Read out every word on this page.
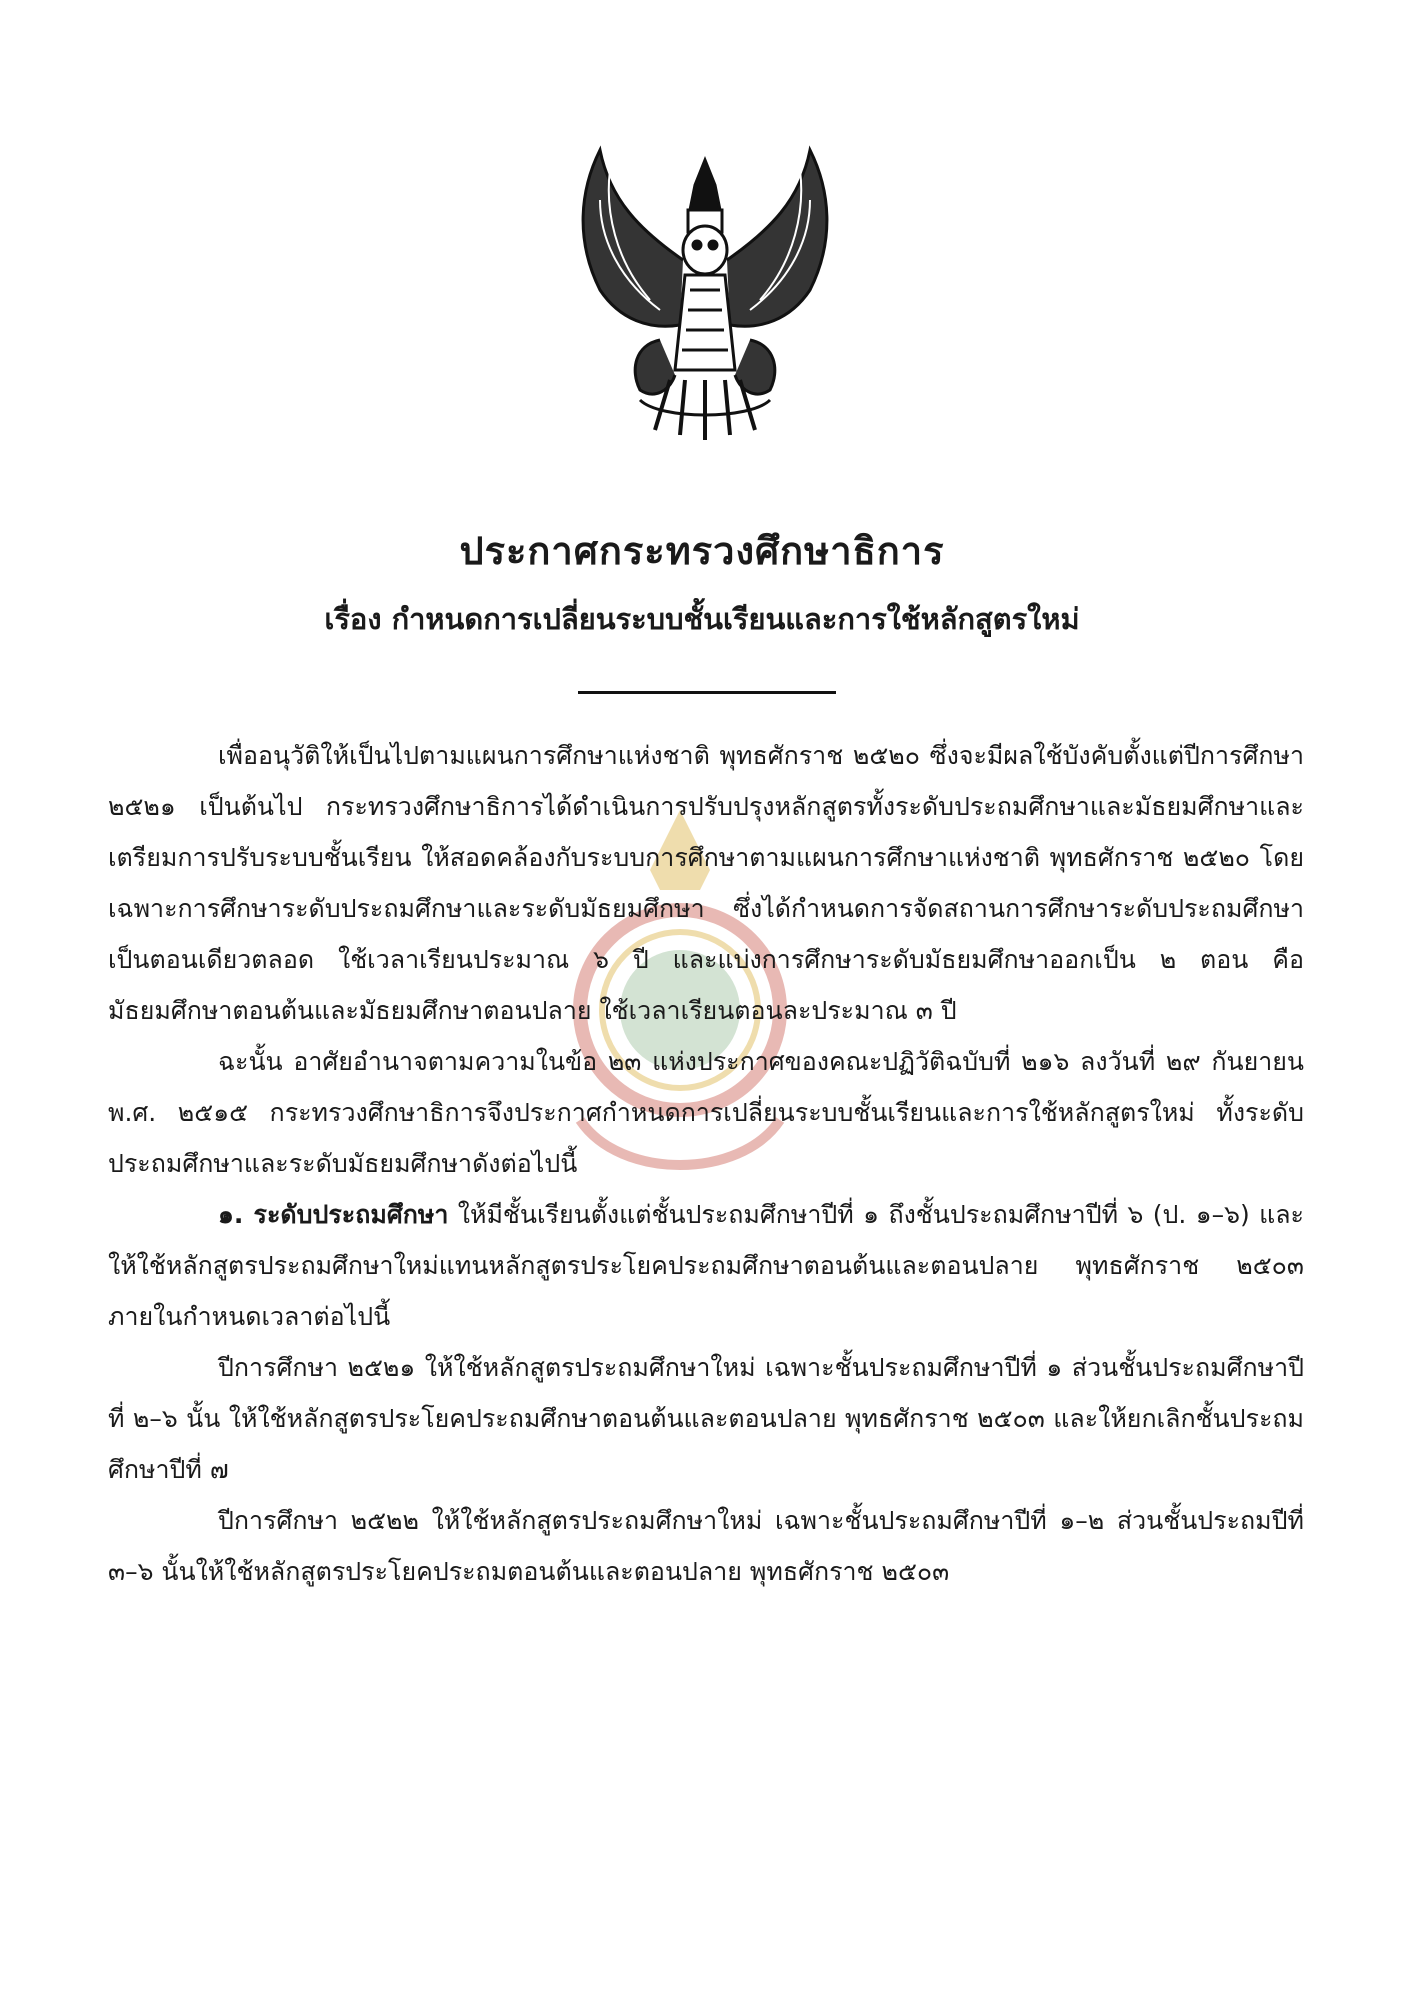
ประกาศกระทรวงศึกษาธิการ
เรื่อง กำหนดการเปลี่ยนระบบชั้นเรียนและการใช้หลักสูตรใหม่

เพื่ออนุวัติให้เป็นไปตามแผนการศึกษาแห่งชาติ พุทธศักราช ๒๕๒๐ ซึ่งจะมีผลใช้บังคับตั้งแต่ปีการศึกษา ๒๕๒๑ เป็นต้นไป กระทรวงศึกษาธิการได้ดำเนินการปรับปรุงหลักสูตรทั้งระดับประถมศึกษาและมัธยมศึกษาและเตรียมการปรับระบบชั้นเรียน ให้สอดคล้องกับระบบการศึกษาตามแผนการศึกษาแห่งชาติ พุทธศักราช ๒๕๒๐ โดยเฉพาะการศึกษาระดับประถมศึกษาและระดับมัธยมศึกษา ซึ่งได้กำหนดการจัดสถานการศึกษาระดับประถมศึกษาเป็นตอนเดียวตลอด ใช้เวลาเรียนประมาณ ๖ ปี และแบ่งการศึกษาระดับมัธยมศึกษาออกเป็น ๒ ตอน คือ มัธยมศึกษาตอนต้นและมัธยมศึกษาตอนปลาย ใช้เวลาเรียนตอนละประมาณ ๓ ปี

ฉะนั้น อาศัยอำนาจตามความในข้อ ๒๓ แห่งประกาศของคณะปฏิวัติฉบับที่ ๒๑๖ ลงวันที่ ๒๙ กันยายน พ.ศ. ๒๕๑๕ กระทรวงศึกษาธิการจึงประกาศกำหนดการเปลี่ยนระบบชั้นเรียนและการใช้หลักสูตรใหม่ ทั้งระดับประถมศึกษาและระดับมัธยมศึกษาดังต่อไปนี้

๑. ระดับประถมศึกษา ให้มีชั้นเรียนตั้งแต่ชั้นประถมศึกษาปีที่ ๑ ถึงชั้นประถมศึกษาปีที่ ๖ (ป. ๑–๖) และให้ใช้หลักสูตรประถมศึกษาใหม่แทนหลักสูตรประโยคประถมศึกษาตอนต้นและตอนปลาย พุทธศักราช ๒๕๐๓ ภายในกำหนดเวลาต่อไปนี้

ปีการศึกษา ๒๕๒๑ ให้ใช้หลักสูตรประถมศึกษาใหม่ เฉพาะชั้นประถมศึกษาปีที่ ๑ ส่วนชั้นประถมศึกษาปีที่ ๒–๖ นั้น ให้ใช้หลักสูตรประโยคประถมศึกษาตอนต้นและตอนปลาย พุทธศักราช ๒๕๐๓ และให้ยกเลิกชั้นประถมศึกษาปีที่ ๗

ปีการศึกษา ๒๕๒๒ ให้ใช้หลักสูตรประถมศึกษาใหม่ เฉพาะชั้นประถมศึกษาปีที่ ๑–๒ ส่วนชั้นประถมปีที่ ๓–๖ นั้นให้ใช้หลักสูตรประโยคประถมตอนต้นและตอนปลาย พุทธศักราช ๒๕๐๓
